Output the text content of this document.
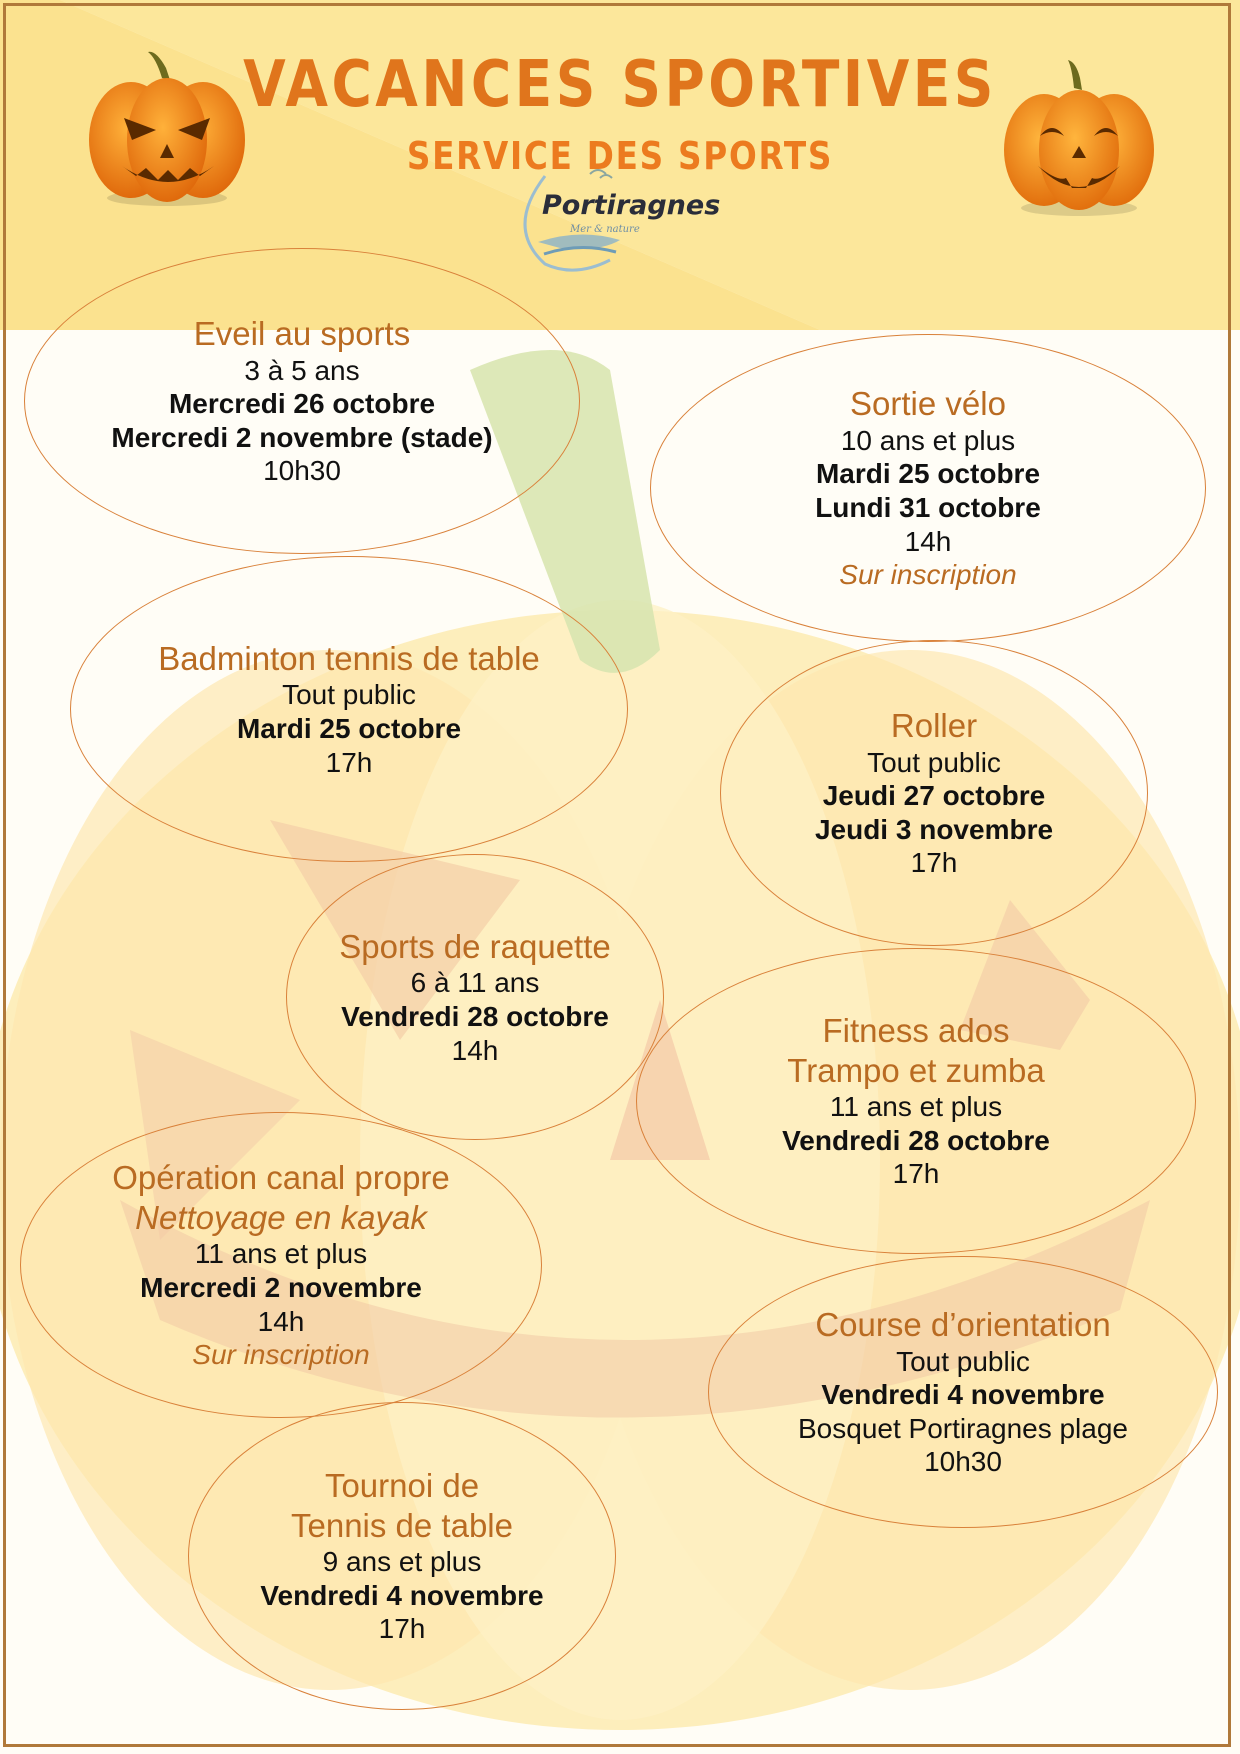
VACANCES SPORTIVES
SERVICE DES SPORTS
Portiragnes
Mer & nature
Eveil au sports
3 à 5 ans
Mercredi 26 octobre
Mercredi 2 novembre (stade)
10h30
Sortie vélo
10 ans et plus
Mardi 25 octobre
Lundi 31 octobre
14h
Sur inscription
Badminton tennis de table
Tout public
Mardi 25 octobre
17h
Roller
Tout public
Jeudi 27 octobre
Jeudi 3 novembre
17h
Sports de raquette
6 à 11 ans
Vendredi 28 octobre
14h
Fitness ados
Trampo et zumba
11 ans et plus
Vendredi 28 octobre
17h
Opération canal propre
Nettoyage en kayak
11 ans et plus
Mercredi 2 novembre
14h
Sur inscription
Course d’orientation
Tout public
Vendredi 4 novembre
Bosquet Portiragnes plage
10h30
Tournoi de
Tennis de table
9 ans et plus
Vendredi 4 novembre
17h
